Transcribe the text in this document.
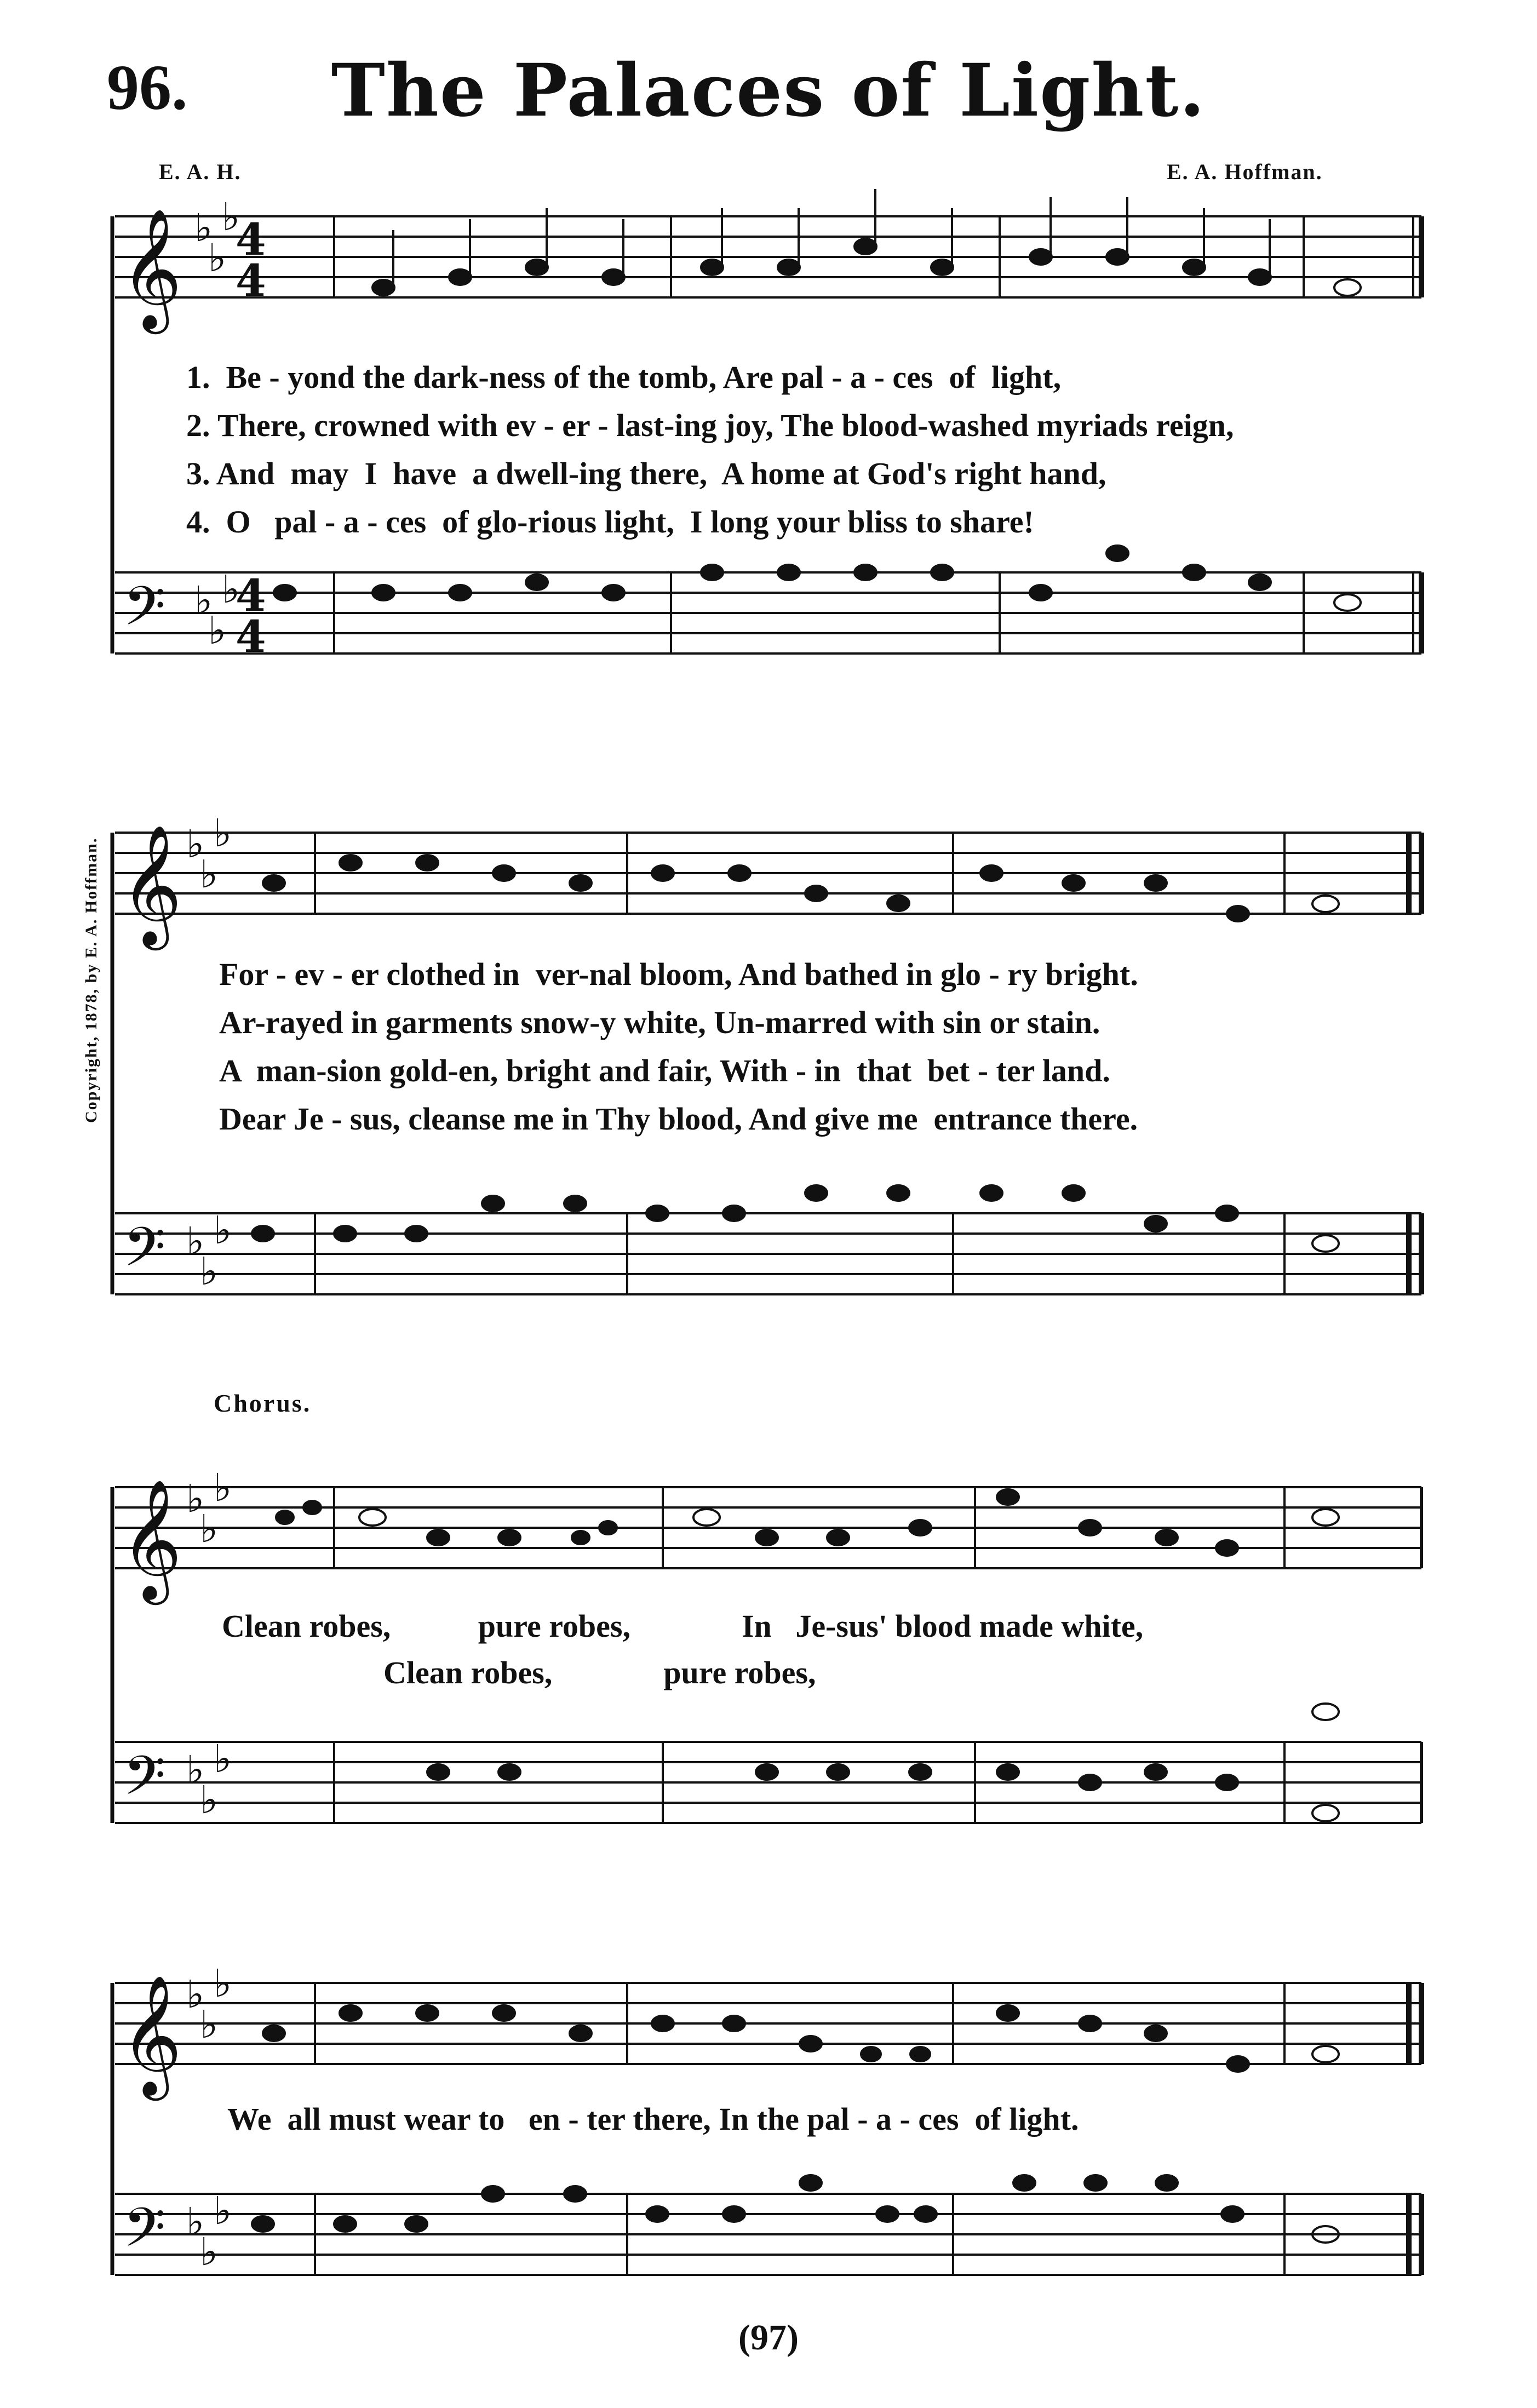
96.	The Palaces of Light.
E. A. H.	E. A. Hoffman.
𝄞
𝄢
𝄞
𝄢
𝄞
𝄢
𝄞
𝄢
♭
♭
♭
♭
♭
♭
♭
♭
♭
♭
♭
♭
♭
♭
♭
♭
♭
♭
♭
♭
♭
♭
♭
♭
4
4
4
4
1.  Be - yond the dark-ness of the tomb, Are pal - a - ces  of  light,
2. There, crowned with ev - er - last-ing joy, The blood-washed myriads reign,
3. And  may  I  have  a dwell-ing there,  A home at God's right hand,
4.  O   pal - a - ces  of glo-rious light,  I long your bliss to share!
For - ev - er clothed in  ver-nal bloom, And bathed in glo - ry bright.
Ar-rayed in garments snow-y white, Un-marred with sin or stain.
A  man-sion gold-en, bright and fair, With - in  that  bet - ter land.
Dear Je - sus, cleanse me in Thy blood, And give me  entrance there.
Chorus.
Clean robes,           pure robes,              In   Je-sus' blood made white,
Clean robes,              pure robes,
We  all must wear to   en - ter there, In the pal - a - ces  of light.
Copyright, 1878, by E. A. Hoffman.
(97)
